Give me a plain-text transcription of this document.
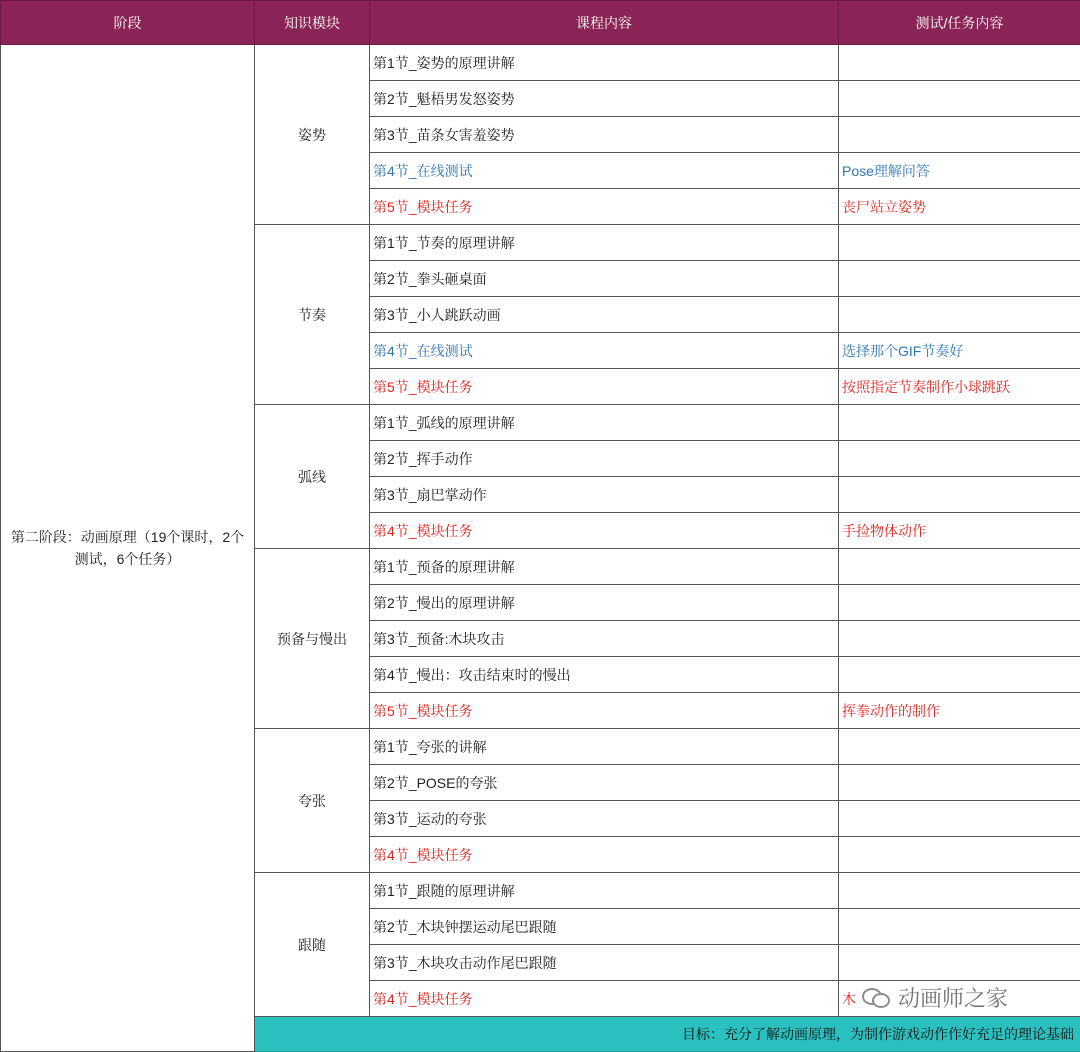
阶段	知识模块	课程内容	测试/任务内容
第二阶段：动画原理（19个课时，2个测试，6个任务）	姿势	第1节_姿势的原理讲解	
		第2节_魁梧男发怒姿势	
		第3节_苗条女害羞姿势	
		第4节_在线测试	Pose理解问答
		第5节_模块任务	丧尸站立姿势
	节奏	第1节_节奏的原理讲解	
		第2节_拳头砸桌面	
		第3节_小人跳跃动画	
		第4节_在线测试	选择那个GIF节奏好
		第5节_模块任务	按照指定节奏制作小球跳跃
	弧线	第1节_弧线的原理讲解	
		第2节_挥手动作	
		第3节_扇巴掌动作	
		第4节_模块任务	手捡物体动作
	预备与慢出	第1节_预备的原理讲解	
		第2节_慢出的原理讲解	
		第3节_预备:木块攻击	
		第4节_慢出：攻击结束时的慢出	
		第5节_模块任务	挥拳动作的制作
	夸张	第1节_夸张的讲解	
		第2节_POSE的夸张	
		第3节_运动的夸张	
		第4节_模块任务	
	跟随	第1节_跟随的原理讲解	
		第2节_木块钟摆运动尾巴跟随	
		第3节_木块攻击动作尾巴跟随	
		第4节_模块任务	木
	目标：充分了解动画原理，为制作游戏动作作好充足的理论基础		
动画师之家
